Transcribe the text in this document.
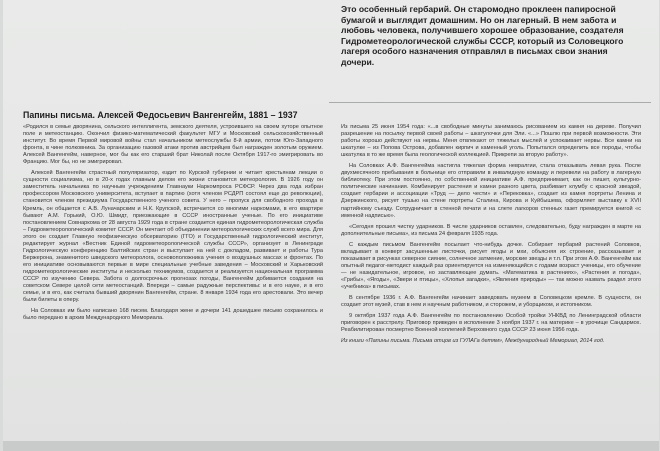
Это особенный гербарий. Он старомодно проклеен папиросной бумагой и выглядит домашним. Но он лагерный. В нем забота и любовь человека, получившего хорошее образование, создателя Гидрометеорологической службы СССР, который из Соловецкого лагеря особого назначения отправлял в письмах свои знания дочери.

Папины письма. Алексей Федосьевич Вангенгейм, 1881 – 1937

«Родился в семье дворянина, сельского интеллигента, земского деятеля, устроившего на своем хуторе опытное поле и метеостанцию. Окончил физико-математический факультет МГУ и Московский сельскохозяйственный институт. Во время Первой мировой войны стал начальником метеослужбы 8-й армии, потом Юго-Западного фронта, в чине полковника. За организацию газовой атаки против австрийцев был награжден золотым оружием. Алексей Вангенгейм, наверное, мог бы как его старший брат Николай после Октября 1917-го эмигрировать во Францию. Мог бы, но не эмигрировал.

Алексей Вангенгейм страстный популяризатор, ездит по Курской губернии и читает крестьянам лекции о сущности социализма, но в 20-х годах главным делом его жизни становится метеорология. В 1926 году он заместитель начальника по научным учреждениям Главнауки Наркомпроса РСФСР. Через два года избран профессором Московского университета, вступает в партию (хотя членом РСДРП состоял еще до революции), становится членом президиума Государственного ученого совета. У него – пропуск для свободного прохода в Кремль, он общается с А.В. Луначарским и Н.К. Крупской, встречается со многими наркомами, в его квартире бывают А.М. Горький, О.Ю. Шмидт, приезжающие в СССР иностранные ученые. По его инициативе постановлением Совнаркома от 28 августа 1929 года в стране создается единая гидрометеорологическая служба – Гидрометеорологический комитет СССР. Он мечтает об объединении метеорологических служб всего мира. Для этого он создает Главную геофизическую обсерваторию (ГГО) и Государственный гидрологический институт, редактирует журнал «Вестник Единой гидрометеорологической службы СССР», организует в Ленинграде Гидрологическую конференцию Балтийских стран и выступает на ней с докладом, развивает и работы Тура Бержерона, знаменитого шведского метеоролога, основоположника учения о воздушных массах и фронтах. По его инициативе основываются первые в мире специальные учебные заведения – Московский и Харьковский гидрометеорологические институты и несколько техникумов, создается и реализуется национальная программа СССР по изучению Севера. Забота о долгосрочных прогнозах погоды, Вангенгейм добивается создания на советском Севере целой сети метеостанций. Впереди – самые радужные перспективы: и в его науке, и в его семье, и в его, как считала бывший дворянин Вангенгейм, стране. 8 января 1934 года его арестовали. Это вечер были билеты в оперу.

На Соловках им было написано 168 писем. Благодаря жене и дочери 141 дошедшее письмо сохранилось и было передано в архив Международного Мемориала.

Из письма 25 июня 1954 года: «...в свободные минуты занимаюсь рисованием из камня на дереве. Получил разрешение на посылку первой своей работы – шкатулочки для Эли. «...» Пошлю при первой возможности. Эти работы хорошо действуют на нервы. Меня отвлекают от тяжелых мыслей и успокаивает нервы. Все камни на шкатулке – из Попова Острова, добавлен кирпич и каменный уголь. Попытался определить все породы, чтобы шкатулка в то же время была геологической коллекцией. Прикрепи за вторую работу».

На Соловках А.Ф. Вангенгейма настигла тяжелая форма невралгии, стала отказывать левая рука. После двухмесячного пребывания в больнице его отправили в инвалидную команду и перевели на работу в лагерную библиотеку. При этом постоянно, по собственной инициативе А.Ф. предпринимает, как он пишет, культурно-политические начинания. Комбинирует растения и камни разного цвета, разбивает клумбу с красной звездой, создает гербарии и ассоциации «Труд — дело чести» и «Перековка», создает из камня портреты Ленина и Дзержинского, рисует тушью на стене портреты Сталина, Кирова и Куйбышева, оформляет выставку к XVII партийному съезду. Сотрудничает в стенной печати и на слете лагкоров стенных газет премируется книгой «с именной надписью».

«Сегодня прошел чистку ударников. В числе ударников оставлен, следовательно, буду награжден в марте на дополнительные письма», из письма 24 февраля 1935 года.

С каждым письмом Вангенгейм посылает что-нибудь дочке. Собирает гербарий растений Соловков, вкладывает в конверт засушенные листочки, рисует ягоды и мхи, объясняя их строение, рассказывает и показывает в рисунках северное сияние, солнечное затмение, морские звезды и т.п. При этом А.Ф. Вангенгейм как опытный педагог-методист каждый раз ориентируется на изменяющийся с годами возраст ученицы, его обучение — не назидательное, игровое, но заставляющее думать. «Математика в растениях», «Растения и погода», «Грибы», «Ягоды», «Звери и птицы», «Хлопья загадки», «Явления природы» — так можно назвать раздел этого «учебника» в письмах.

В сентябре 1936 г. А.Ф. Вангенгейм начинает заведовать музеем в Соловецком кремле. В сущности, он создает этот музей, став в нем и научным работником, и сторожем, и уборщиком, и истопником.

9 октября 1937 года А.Ф. Вангенгейм по постановлению Особой тройки УНКВД по Ленинградской области приговорен к расстрелу. Приговор приведен в исполнение 3 ноября 1937 г. на материке – в урочище Сандармох. Реабилитирован посмертно Военной коллегией Верховного суда СССР 23 июня 1956 года.

Из книги «Папины письма. Письма отцов из ГУЛАГа детям», Международный Мемориал, 2014 год.
